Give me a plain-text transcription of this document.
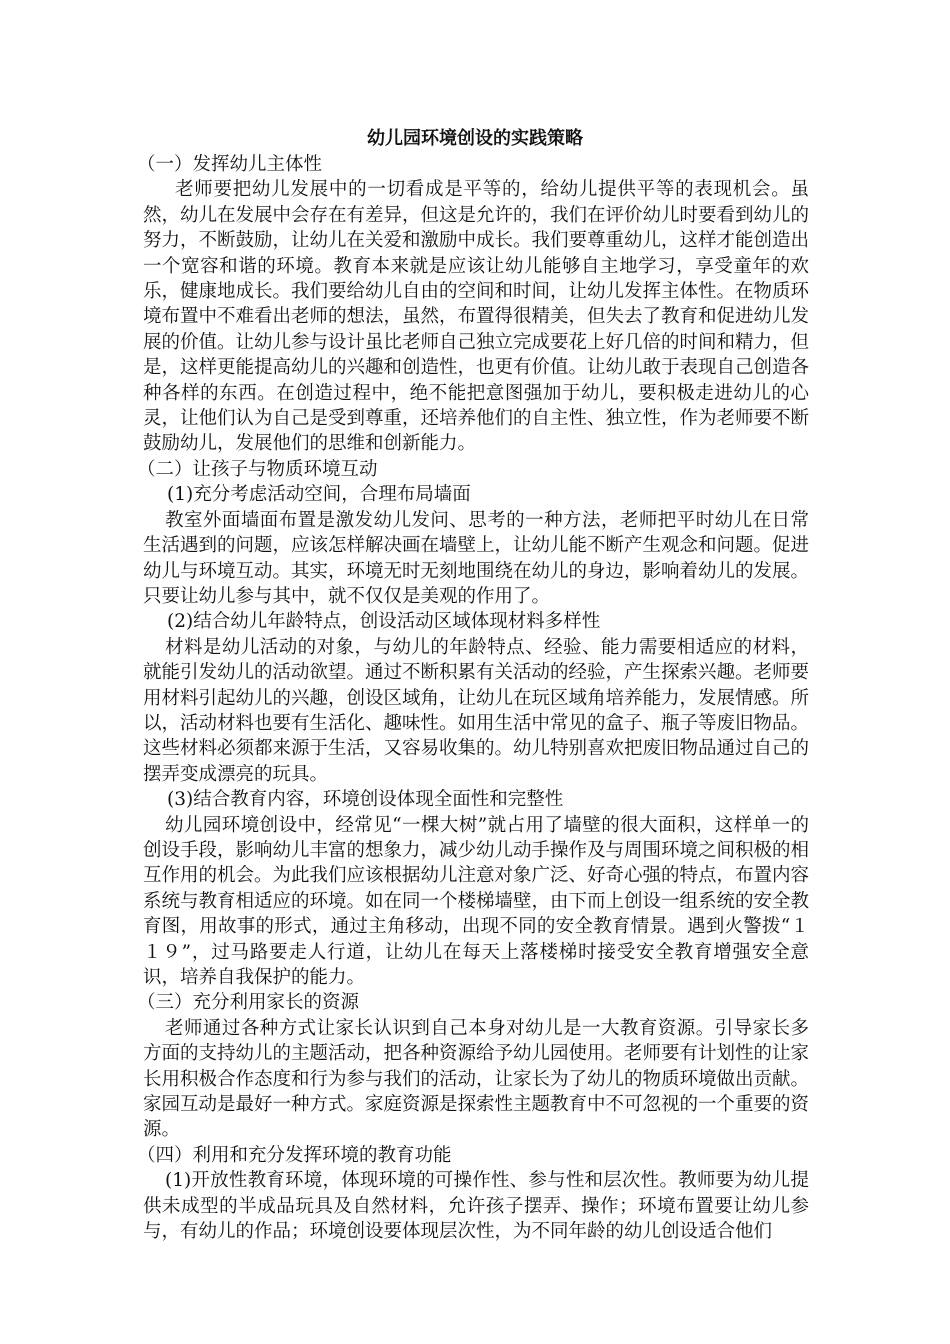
幼儿园环境创设的实践策略

（一）发挥幼儿主体性

老师要把幼儿发展中的一切看成是平等的，给幼儿提供平等的表现机会。虽然，幼儿在发展中会存在有差异，但这是允许的，我们在评价幼儿时要看到幼儿的努力，不断鼓励，让幼儿在关爱和激励中成长。我们要尊重幼儿，这样才能创造出一个宽容和谐的环境。教育本来就是应该让幼儿能够自主地学习，享受童年的欢乐，健康地成长。我们要给幼儿自由的空间和时间，让幼儿发挥主体性。在物质环境布置中不难看出老师的想法，虽然，布置得很精美，但失去了教育和促进幼儿发展的价值。让幼儿参与设计虽比老师自己独立完成要花上好几倍的时间和精力，但是，这样更能提高幼儿的兴趣和创造性，也更有价值。让幼儿敢于表现自己创造各种各样的东西。在创造过程中，绝不能把意图强加于幼儿，要积极走进幼儿的心灵，让他们认为自己是受到尊重，还培养他们的自主性、独立性，作为老师要不断鼓励幼儿，发展他们的思维和创新能力。

（二）让孩子与物质环境互动

(1)充分考虑活动空间，合理布局墙面

教室外面墙面布置是激发幼儿发问、思考的一种方法，老师把平时幼儿在日常生活遇到的问题，应该怎样解决画在墙壁上，让幼儿能不断产生观念和问题。促进幼儿与环境互动。其实，环境无时无刻地围绕在幼儿的身边，影响着幼儿的发展。只要让幼儿参与其中，就不仅仅是美观的作用了。

(2)结合幼儿年龄特点，创设活动区域体现材料多样性

材料是幼儿活动的对象，与幼儿的年龄特点、经验、能力需要相适应的材料，就能引发幼儿的活动欲望。通过不断积累有关活动的经验，产生探索兴趣。老师要用材料引起幼儿的兴趣，创设区域角，让幼儿在玩区域角培养能力，发展情感。所以，活动材料也要有生活化、趣味性。如用生活中常见的盒子、瓶子等废旧物品。这些材料必须都来源于生活，又容易收集的。幼儿特别喜欢把废旧物品通过自己的摆弄变成漂亮的玩具。

(3)结合教育内容，环境创设体现全面性和完整性

幼儿园环境创设中，经常见“一棵大树”就占用了墙壁的很大面积，这样单一的创设手段，影响幼儿丰富的想象力，减少幼儿动手操作及与周围环境之间积极的相互作用的机会。为此我们应该根据幼儿注意对象广泛、好奇心强的特点，布置内容系统与教育相适应的环境。如在同一个楼梯墙壁，由下而上创设一组系统的安全教育图，用故事的形式，通过主角移动，出现不同的安全教育情景。遇到火警拨“１１９”，过马路要走人行道，让幼儿在每天上落楼梯时接受安全教育增强安全意识，培养自我保护的能力。

（三）充分利用家长的资源

老师通过各种方式让家长认识到自己本身对幼儿是一大教育资源。引导家长多方面的支持幼儿的主题活动，把各种资源给予幼儿园使用。老师要有计划性的让家长用积极合作态度和行为参与我们的活动，让家长为了幼儿的物质环境做出贡献。家园互动是最好一种方式。家庭资源是探索性主题教育中不可忽视的一个重要的资源。

（四）利用和充分发挥环境的教育功能

(1)开放性教育环境，体现环境的可操作性、参与性和层次性。教师要为幼儿提供未成型的半成品玩具及自然材料，允许孩子摆弄、操作；环境布置要让幼儿参与，有幼儿的作品；环境创设要体现层次性，为不同年龄的幼儿创设适合他们
